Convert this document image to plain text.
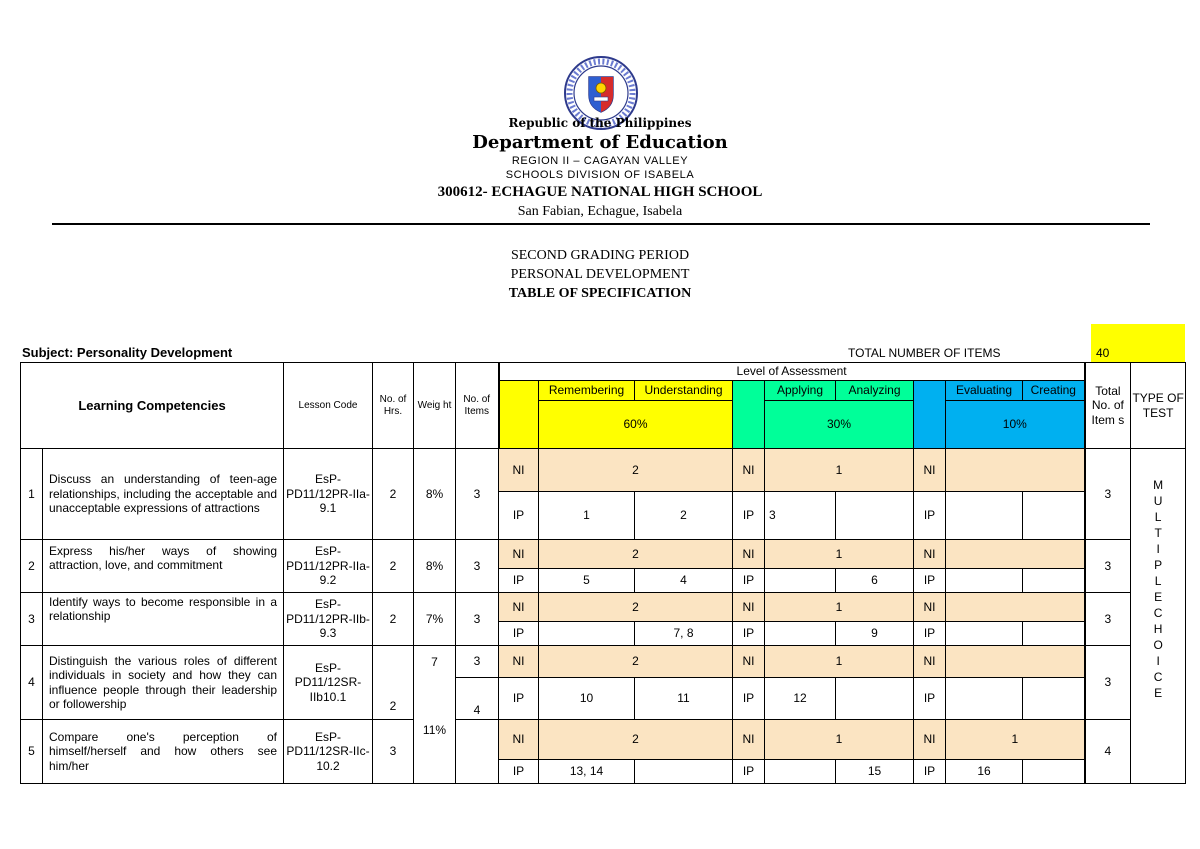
Republic of the Philippines
Department of Education
REGION II – CAGAYAN VALLEY
SCHOOLS DIVISION OF ISABELA
300612- ECHAGUE NATIONAL HIGH SCHOOL
San Fabian, Echague, Isabela
SECOND GRADING PERIOD
PERSONAL DEVELOPMENT
TABLE OF SPECIFICATION
Subject: Personality Development	TOTAL NUMBER OF ITEMS	40
Learning Competencies		Lesson Code	No. of Hrs.	Weig ht	No. of Items	Level of Assessment									Total No. of Item s	TYPE OF TEST
							Remembering	Understanding		Applying	Analyzing		Evaluating	Creating		
							60%			30%			10%			
1	Discuss an understanding of teen-age relationships, including the acceptable and unacceptable expressions of attractions	EsP-PD11/12PR-IIa-9.1	2	8%	3	NI	2		NI	1		NI			3	M U L T I P L E  C H O I C E

						IP	1	2	IP	3		IP				
2	Express his/her ways of showing attraction, love, and commitment	EsP-PD11/12PR-IIa-9.2	2	8%	3	NI	2		NI	1		NI			3	
						IP	5	4	IP		6	IP				
3	Identify ways to become responsible in a relationship	EsP-PD11/12PR-IIb-9.3	2	7%	3	NI	2		NI	1		NI			3	
						IP		7, 8	IP		9	IP				
4	Distinguish the various roles of different individuals in society and how they can influence people through their leadership or followership	EsP-PD11/12SR-IIb10.1	2	7	3	NI	2		NI	1		NI			3	
				11%	4	IP	10	11	IP	12		IP				
5	Compare one's perception of himself/herself and how others see him/her	EsP-PD11/12SR-IIc-10.2	3			NI	2		NI	1		NI	1		4	
						IP	13, 14		IP		15	IP	16			
